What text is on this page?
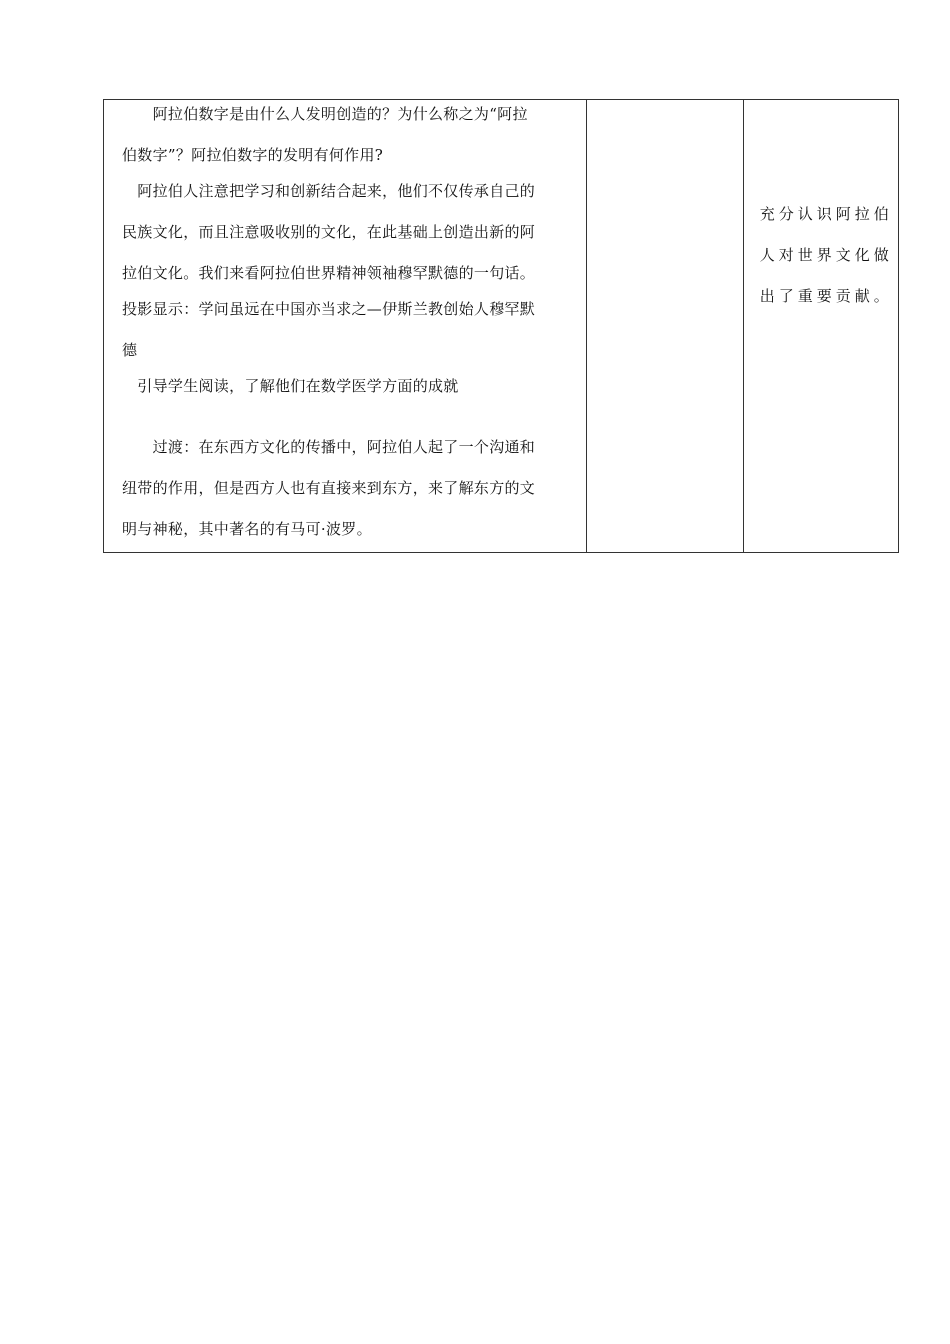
　　阿拉伯数字是由什么人发明创造的？为什么称之为“阿拉
伯数字”？阿拉伯数字的发明有何作用?
　阿拉伯人注意把学习和创新结合起来，他们不仅传承自己的
民族文化，而且注意吸收别的文化，在此基础上创造出新的阿
拉伯文化。我们来看阿拉伯世界精神领袖穆罕默德的一句话。
投影显示：学问虽远在中国亦当求之—伊斯兰教创始人穆罕默
德
　引导学生阅读，了解他们在数学医学方面的成就
　　过渡：在东西方文化的传播中，阿拉伯人起了一个沟通和
纽带的作用，但是西方人也有直接来到东方，来了解东方的文
明与神秘，其中著名的有马可·波罗。

充分认识阿拉伯
人对世界文化做
出了重要贡献。
